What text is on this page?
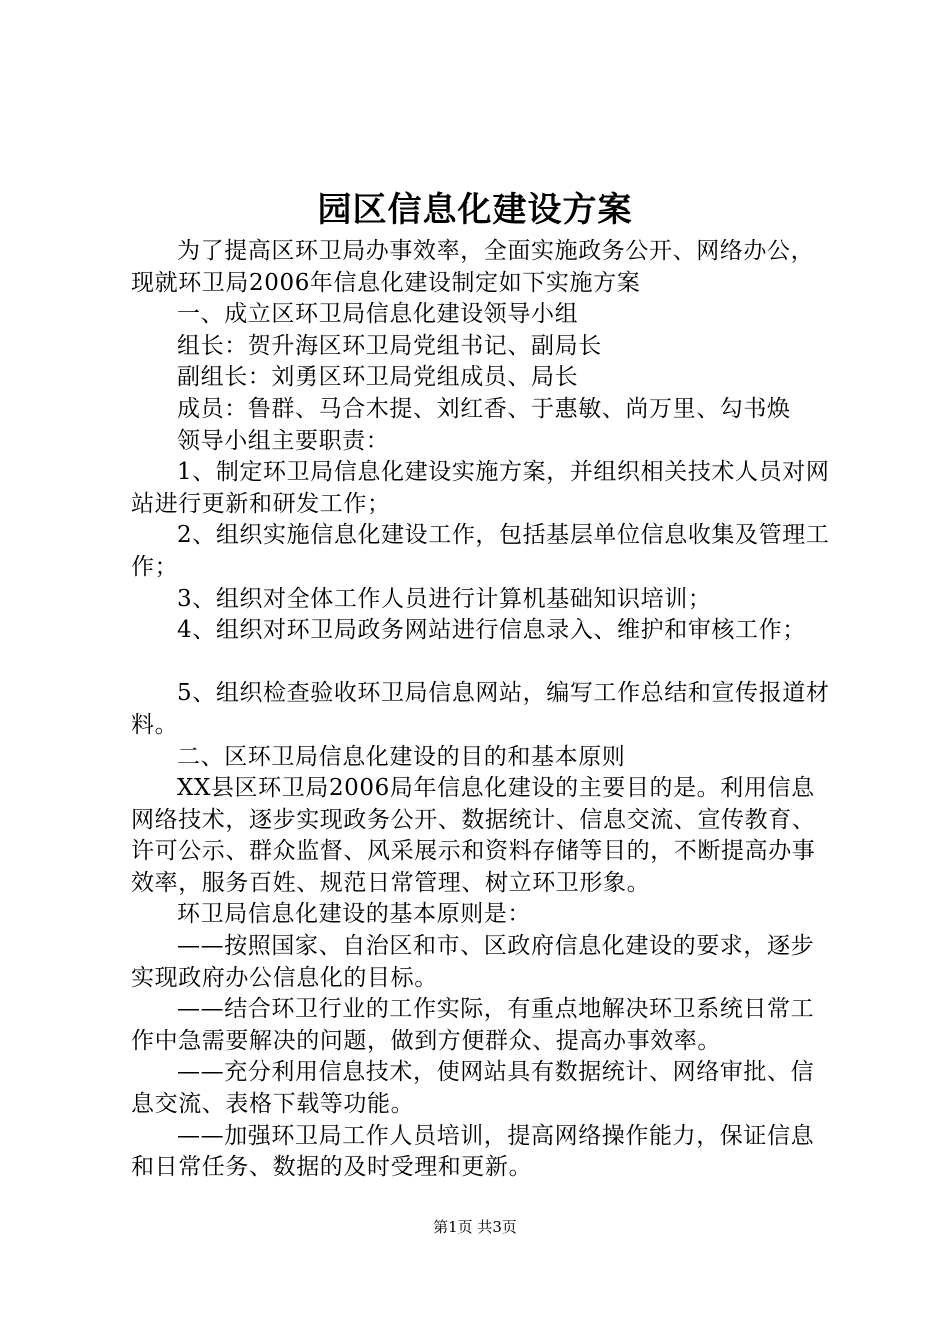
园区信息化建设方案

为了提高区环卫局办事效率，全面实施政务公开、网络办公，现就环卫局2006年信息化建设制定如下实施方案

一、成立区环卫局信息化建设领导小组

组长：贺升海区环卫局党组书记、副局长

副组长：刘勇区环卫局党组成员、局长

成员：鲁群、马合木提、刘红香、于惠敏、尚万里、勾书焕

领导小组主要职责：

1、制定环卫局信息化建设实施方案，并组织相关技术人员对网站进行更新和研发工作；

2、组织实施信息化建设工作，包括基层单位信息收集及管理工作；

3、组织对全体工作人员进行计算机基础知识培训；

4、组织对环卫局政务网站进行信息录入、维护和审核工作；

5、组织检查验收环卫局信息网站，编写工作总结和宣传报道材料。

二、区环卫局信息化建设的目的和基本原则

XX县区环卫局2006局年信息化建设的主要目的是。利用信息网络技术，逐步实现政务公开、数据统计、信息交流、宣传教育、许可公示、群众监督、风采展示和资料存储等目的，不断提高办事效率，服务百姓、规范日常管理、树立环卫形象。

环卫局信息化建设的基本原则是：

——按照国家、自治区和市、区政府信息化建设的要求，逐步实现政府办公信息化的目标。

——结合环卫行业的工作实际，有重点地解决环卫系统日常工作中急需要解决的问题，做到方便群众、提高办事效率。

——充分利用信息技术，使网站具有数据统计、网络审批、信息交流、表格下载等功能。

——加强环卫局工作人员培训，提高网络操作能力，保证信息和日常任务、数据的及时受理和更新。

第1页 共3页
